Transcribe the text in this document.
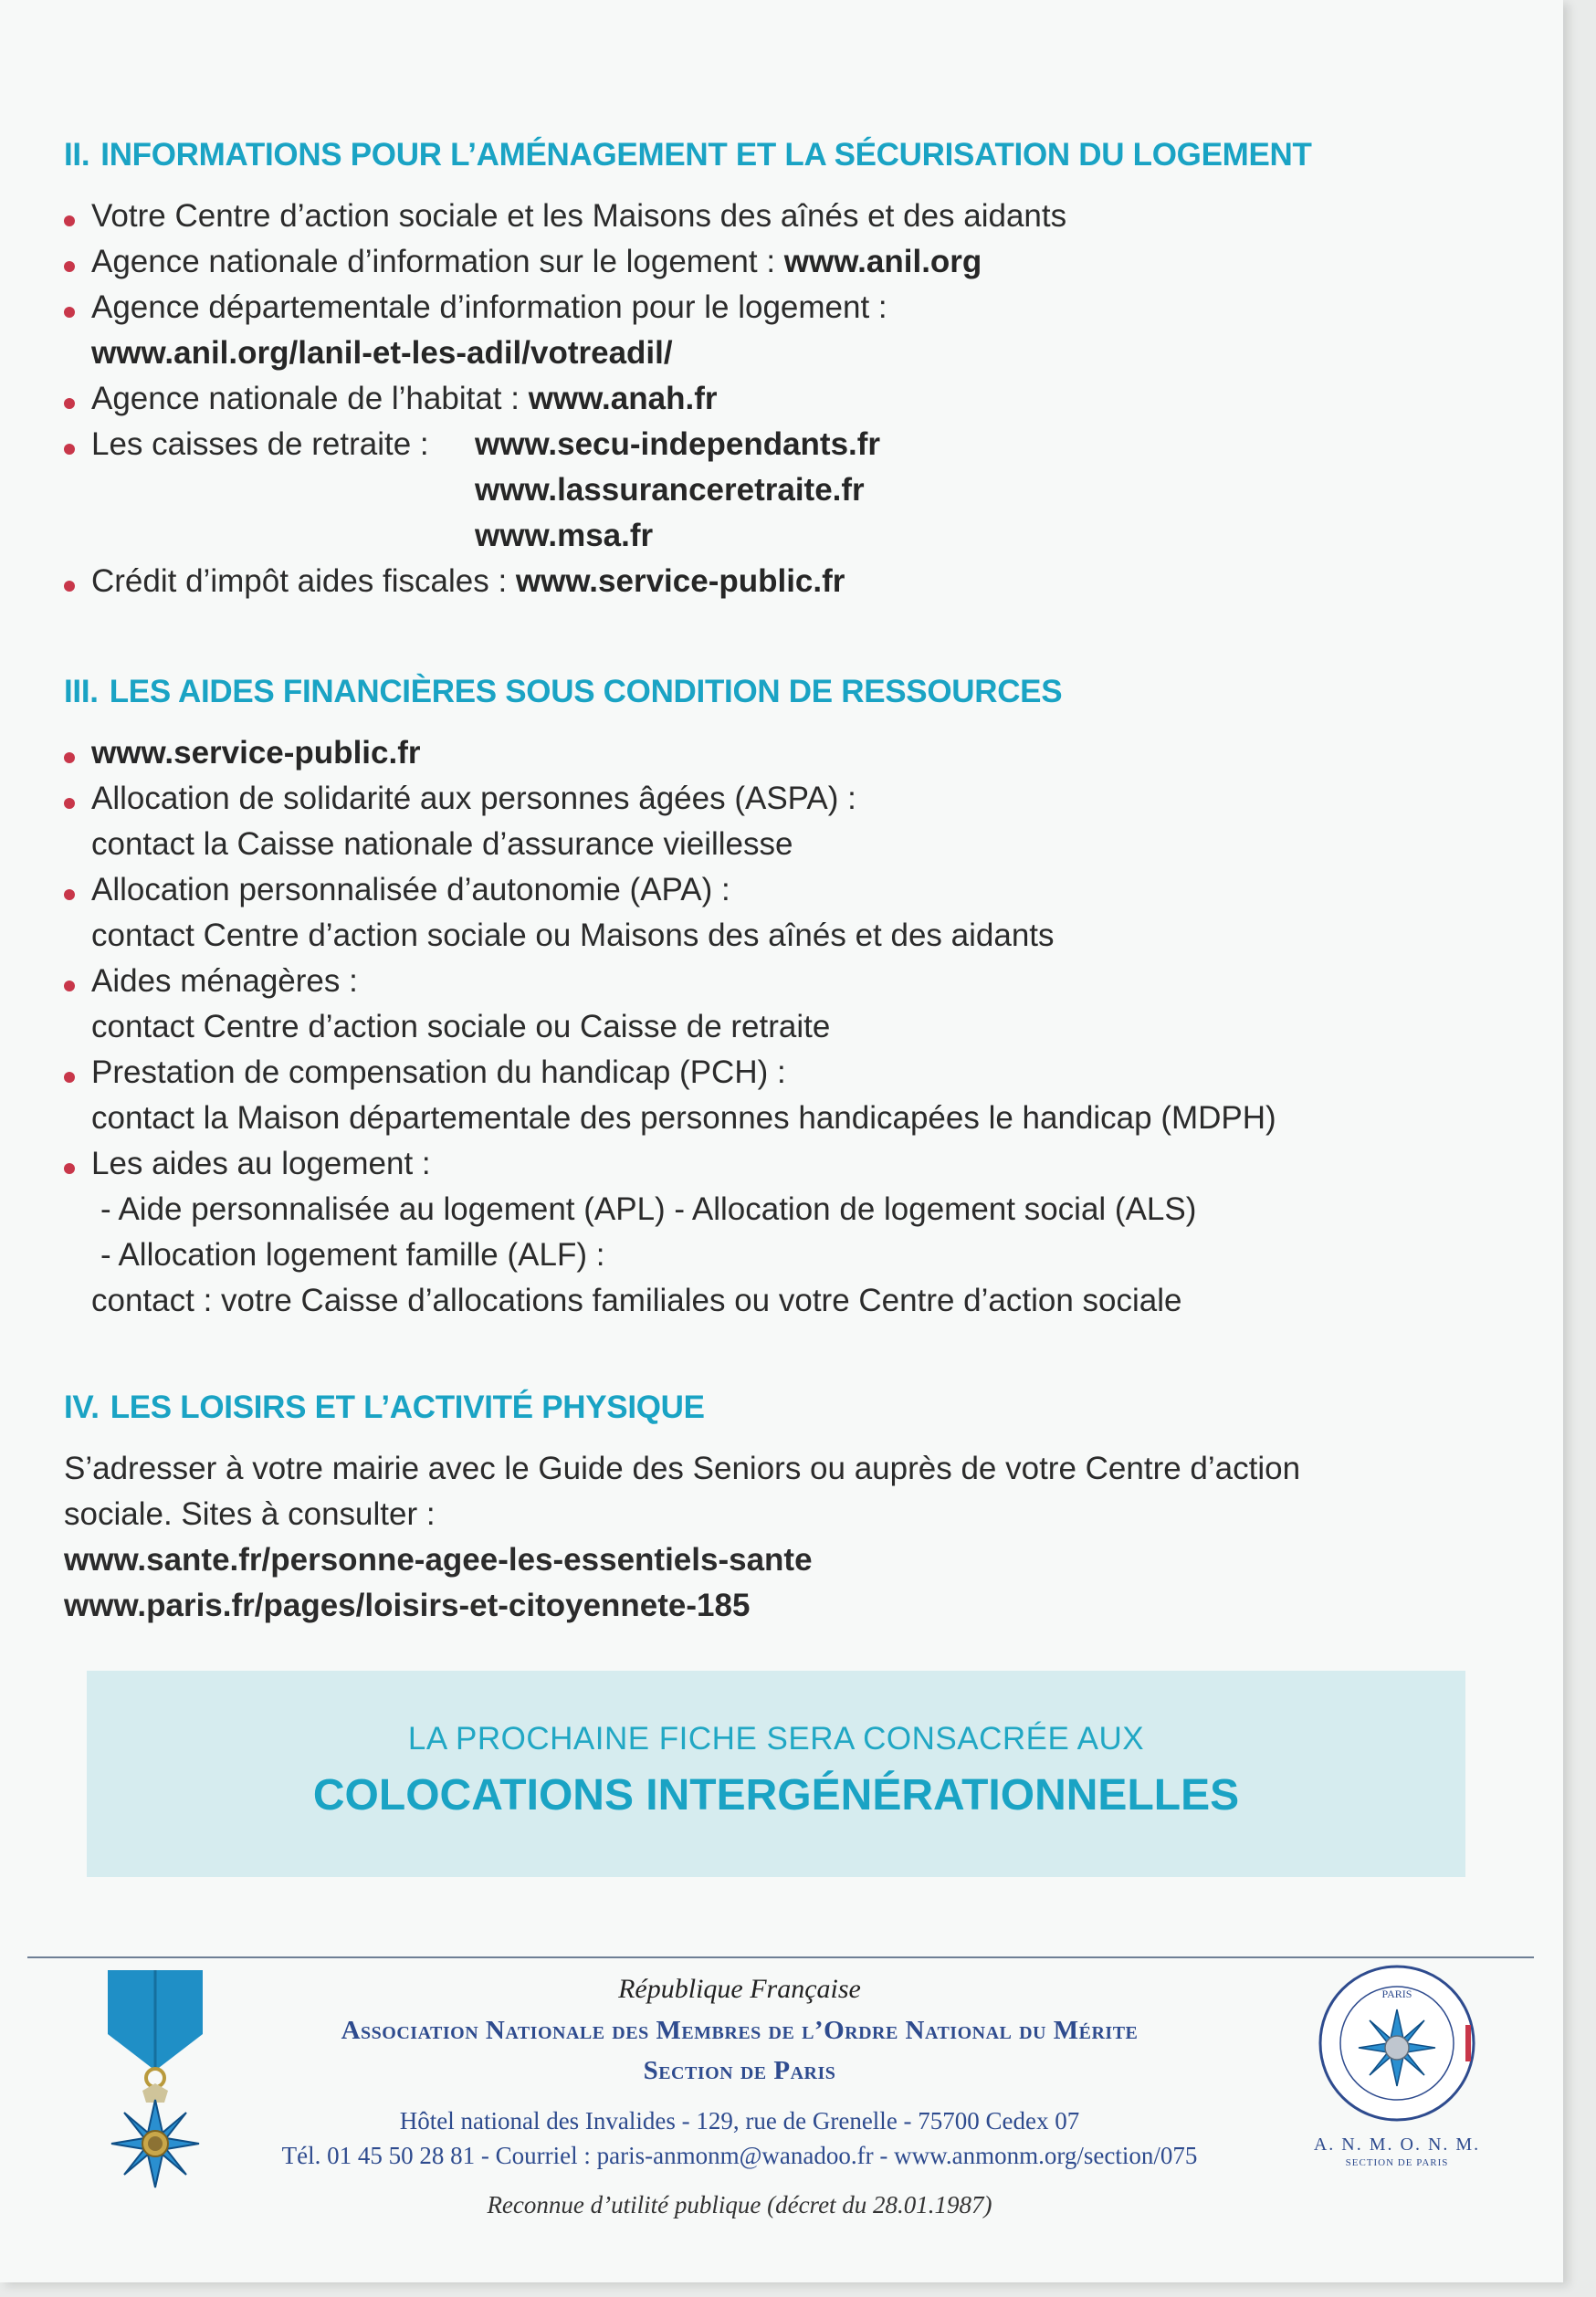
II. INFORMATIONS POUR L’AMÉNAGEMENT ET LA SÉCURISATION DU LOGEMENT
Votre Centre d’action sociale et les Maisons des aînés et des aidants
Agence nationale d’information sur le logement : www.anil.org
Agence départementale d’information pour le logement :
www.anil.org/lanil-et-les-adil/votreadil/
Agence nationale de l’habitat : www.anah.fr
Les caisses de retraite : www.secu-independants.fr
www.lassuranceretraite.fr
www.msa.fr
Crédit d’impôt aides fiscales : www.service-public.fr
III. LES AIDES FINANCIÈRES SOUS CONDITION DE RESSOURCES
www.service-public.fr
Allocation de solidarité aux personnes âgées (ASPA) :
contact la Caisse nationale d’assurance vieillesse
Allocation personnalisée d’autonomie (APA) :
contact Centre d’action sociale ou Maisons des aînés et des aidants
Aides ménagères :
contact Centre d’action sociale ou Caisse de retraite
Prestation de compensation du handicap (PCH) :
contact la Maison départementale des personnes handicapées le handicap (MDPH)
Les aides au logement :
- Aide personnalisée au logement (APL) - Allocation de logement social (ALS)
- Allocation logement famille (ALF) :
contact : votre Caisse d’allocations familiales ou votre Centre d’action sociale
IV. LES LOISIRS ET L’ACTIVITÉ PHYSIQUE

S’adresser à votre mairie avec le Guide des Seniors ou auprès de votre Centre d’action

sociale. Sites à consulter :

www.sante.fr/personne-agee-les-essentiels-sante

www.paris.fr/pages/loisirs-et-citoyennete-185

LA PROCHAINE FICHE SERA CONSACRÉE AUX
COLOCATIONS INTERGÉNÉRATIONNELLES
République Française
Association Nationale des Membres de l’Ordre National du Mérite
Section de Paris
Hôtel national des Invalides - 129, rue de Grenelle - 75700 Cedex 07
Tél. 01 45 50 28 81 - Courriel : paris-anmonm@wanadoo.fr - www.anmonm.org/section/075
Reconnue d’utilité publique (décret du 28.01.1987)
PARIS
A. N. M. O. N. M.
SECTION DE PARIS
